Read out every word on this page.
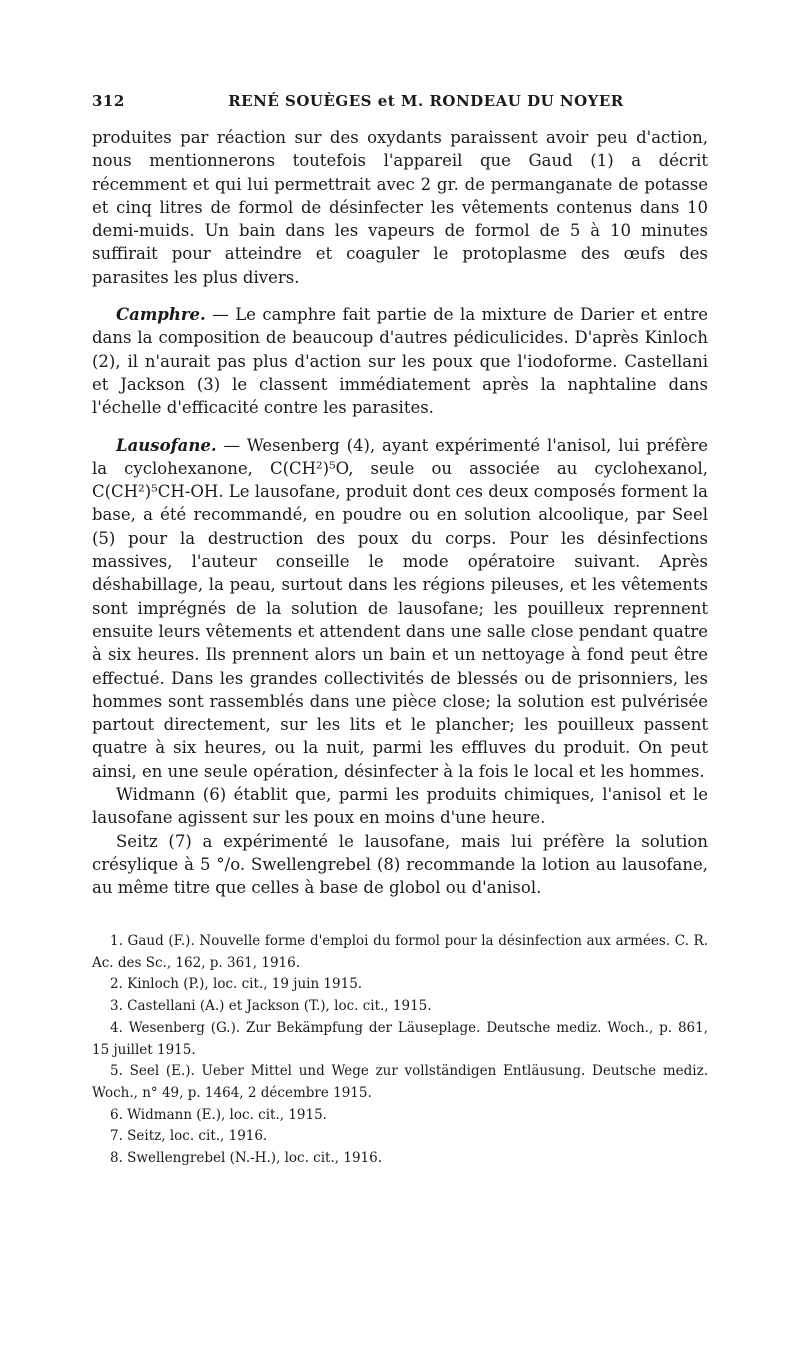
312	RENÉ SOUÈGES et M. RONDEAU DU NOYER

produites par réaction sur des oxydants paraissent avoir peu d'action, nous mentionnerons toutefois l'appareil que Gaud (1) a décrit récemment et qui lui permettrait avec 2 gr. de permanganate de potasse et cinq litres de formol de désinfecter les vêtements contenus dans 10 demi-muids. Un bain dans les vapeurs de formol de 5 à 10 minutes suffirait pour atteindre et coaguler le protoplasme des œufs des parasites les plus divers.

Camphre. — Le camphre fait partie de la mixture de Darier et entre dans la composition de beaucoup d'autres pédiculicides. D'après Kinloch (2), il n'aurait pas plus d'action sur les poux que l'iodoforme. Castellani et Jackson (3) le classent immédiatement après la naphtaline dans l'échelle d'efficacité contre les parasites.

Lausofane. — Wesenberg (4), ayant expérimenté l'anisol, lui préfère la cyclohexanone, C(CH²)⁵O, seule ou associée au cyclohexanol, C(CH²)⁵CH-OH. Le lausofane, produit dont ces deux composés forment la base, a été recommandé, en poudre ou en solution alcoolique, par Seel (5) pour la destruction des poux du corps. Pour les désinfections massives, l'auteur conseille le mode opératoire suivant. Après déshabillage, la peau, surtout dans les régions pileuses, et les vêtements sont imprégnés de la solution de lausofane; les pouilleux reprennent ensuite leurs vêtements et attendent dans une salle close pendant quatre à six heures. Ils prennent alors un bain et un nettoyage à fond peut être effectué. Dans les grandes collectivités de blessés ou de prisonniers, les hommes sont rassemblés dans une pièce close; la solution est pulvérisée partout directement, sur les lits et le plancher; les pouilleux passent quatre à six heures, ou la nuit, parmi les effluves du produit. On peut ainsi, en une seule opération, désinfecter à la fois le local et les hommes.

Widmann (6) établit que, parmi les produits chimiques, l'anisol et le lausofane agissent sur les poux en moins d'une heure.

Seitz (7) a expérimenté le lausofane, mais lui préfère la solution crésylique à 5 °/o. Swellengrebel (8) recommande la lotion au lausofane, au même titre que celles à base de globol ou d'anisol.

1. Gaud (F.). Nouvelle forme d'emploi du formol pour la désinfection aux armées. C. R. Ac. des Sc., 162, p. 361, 1916.

2. Kinloch (P.), loc. cit., 19 juin 1915.

3. Castellani (A.) et Jackson (T.), loc. cit., 1915.

4. Wesenberg (G.). Zur Bekämpfung der Läuseplage. Deutsche mediz. Woch., p. 861, 15 juillet 1915.

5. Seel (E.). Ueber Mittel und Wege zur vollständigen Entläusung. Deutsche mediz. Woch., n° 49, p. 1464, 2 décembre 1915.

6. Widmann (E.), loc. cit., 1915.

7. Seitz, loc. cit., 1916.

8. Swellengrebel (N.-H.), loc. cit., 1916.
